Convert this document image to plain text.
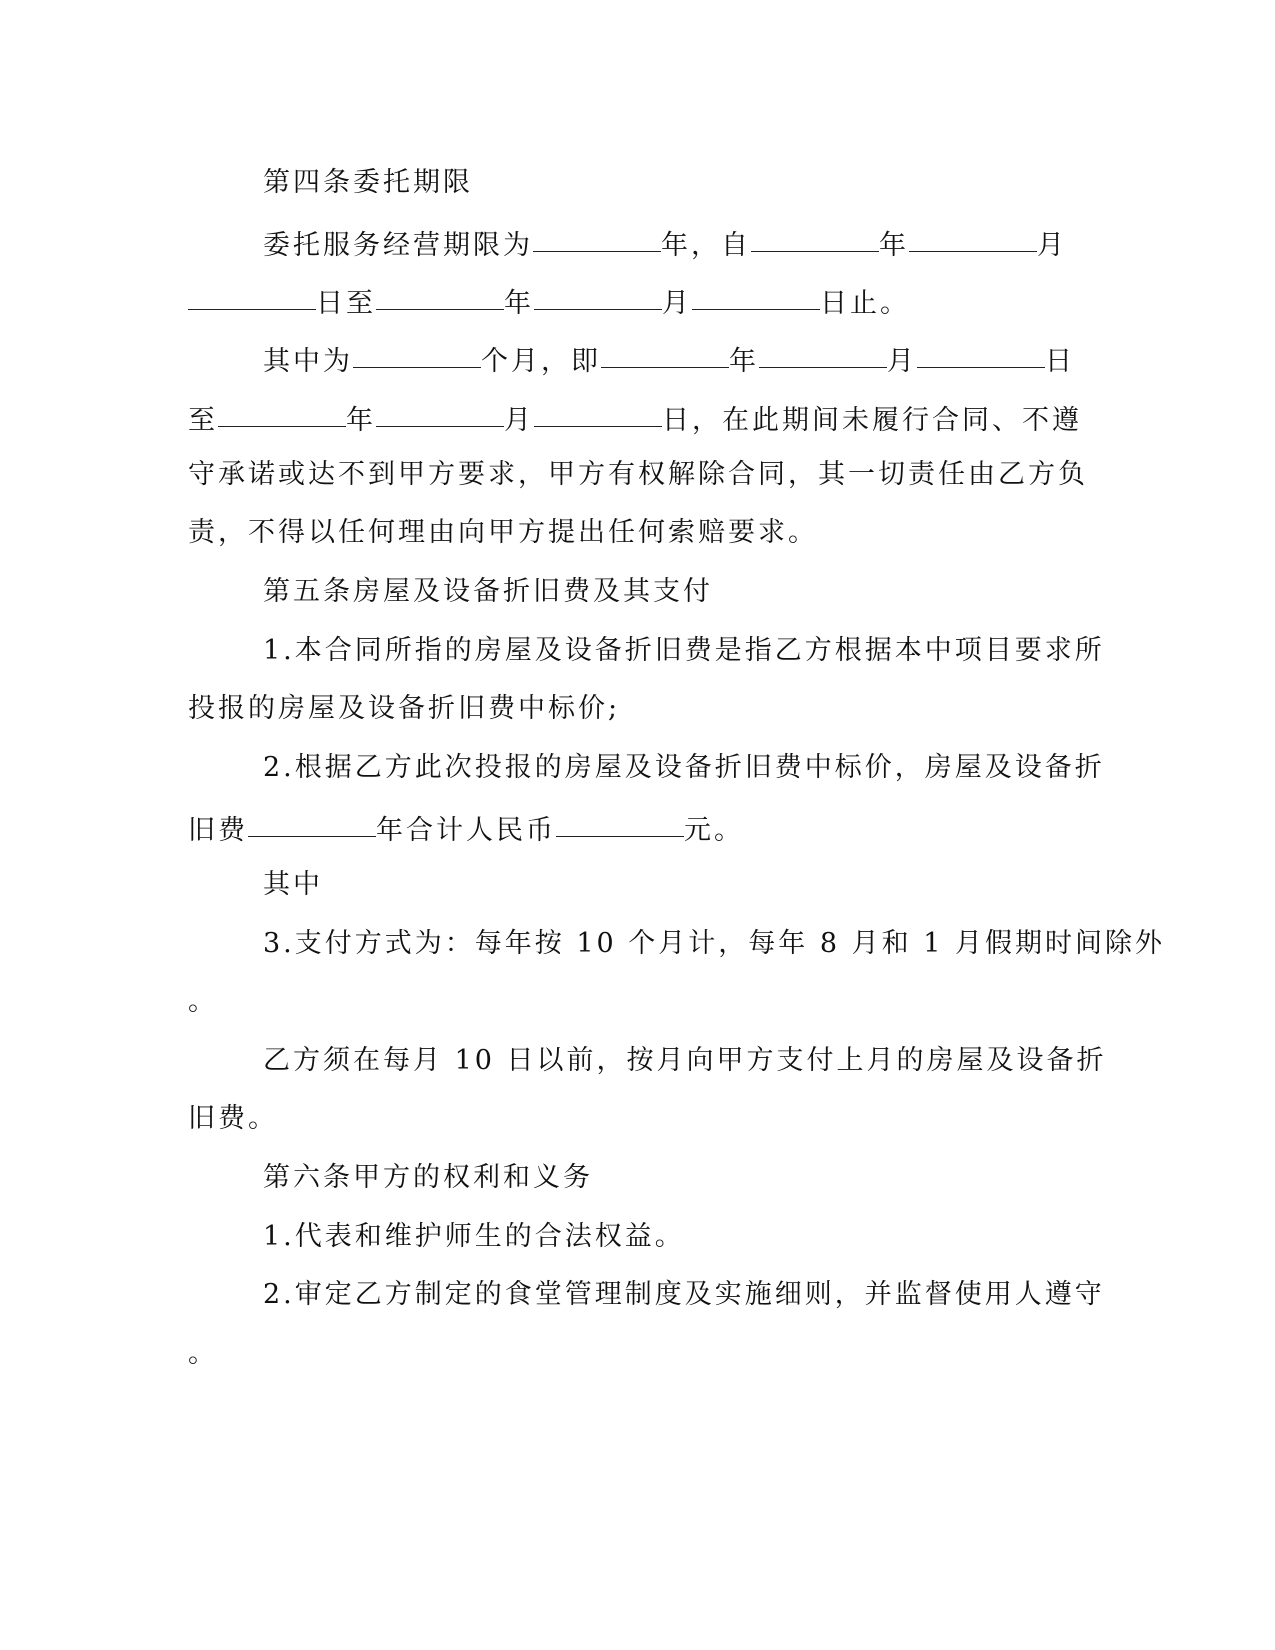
第四条委托期限
委托服务经营期限为	年，自	年	月
日至	年	月	日止。
其中为	个月，即	年	月	日
至	年	月	日，在此期间未履行合同、不遵
守承诺或达不到甲方要求，甲方有权解除合同，其一切责任由乙方负
责，不得以任何理由向甲方提出任何索赔要求。
第五条房屋及设备折旧费及其支付
1.本合同所指的房屋及设备折旧费是指乙方根据本中项目要求所
投报的房屋及设备折旧费中标价;
2.根据乙方此次投报的房屋及设备折旧费中标价，房屋及设备折
旧费	年合计人民币	元。
其中
3.支付方式为：每年按 10 个月计，每年 8 月和 1 月假期时间除外
。
乙方须在每月 10 日以前，按月向甲方支付上月的房屋及设备折
旧费。
第六条甲方的权利和义务
1.代表和维护师生的合法权益。
2.审定乙方制定的食堂管理制度及实施细则，并监督使用人遵守
。
